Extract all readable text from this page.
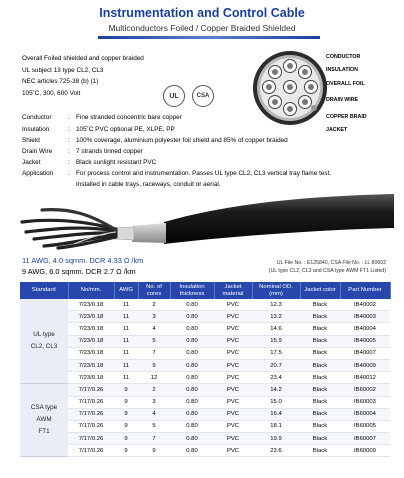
Instrumentation and Control Cable
Multiconductors Foiled / Copper Braided Shielded
Overall Foiled shielded and copper braided
UL subject 13 type CL2, CL3
NEC articles 725-38 (b) (1)
105˚C, 300, 600 Volt	UL	CSA
CONDUCTOR
INSULATION
OVERALL FOIL
DRAIN WIRE
COPPER BRAID
JACKET
Conductor	: Fine stranded concentric bare copper
Insulation	: 105˚C PVC optional PE, XLPE, PP
Shield	: 100% coverage, aluminium polyester foil shield and 85% of copper braided
Drain Wire : 7 strands tinned copper
Jacket	: Black sunlight resistant PVC
Application : For process control and instrumentation. Passes UL type CL2, CL3 vertical tray flame test.
Installed in cable trays, raceways, conduit or aerial.
11 AWG, 4.0 sqmm. DCR 4.33 Ω /km
9 AWG, 6.0 sqmm. DCR 2.7 Ω /km
UL File No. : E125840, CSA File No. : LL 80602
(UL type CL2, CL3 and CSA type AWM FT1 Listed)
Standard	No/mm.	AWG	No. of cores	Insulation thickness	Jacket material	Nominal OD.(mm)	Jacket color	Part Number

UL type
CL2, CL3	7/23/0.18	11	2	0.80	PVC	12.3	Black	IB40002
	7/23/0.18	11	3	0.80	PVC	13.2	Black	IB40003
	7/23/0.18	11	4	0.80	PVC	14.6	Black	IB40004
	7/23/0.18	11	5	0.80	PVC	15.9	Black	IB40005
	7/23/0.18	11	7	0.80	PVC	17.5	Black	IB40007
	7/23/0.18	11	9	0.80	PVC	20.7	Black	IB40009
	7/23/0.18	11	12	0.80	PVC	23.4	Black	IB40012

CSA type
AWM
FT1	7/17/0.26	9	2	0.80	PVC	14.2	Black	IB60002
	7/17/0.26	9	3	0.80	PVC	15.0	Black	IB60003
	7/17/0.26	9	4	0.80	PVC	16.4	Black	IB60004
	7/17/0.26	9	5	0.80	PVC	18.1	Black	IB60005
	7/17/0.26	9	7	0.80	PVC	19.9	Black	IB60007
	7/17/0.26	9	9	0.80	PVC	23.6	Black	IB60009
